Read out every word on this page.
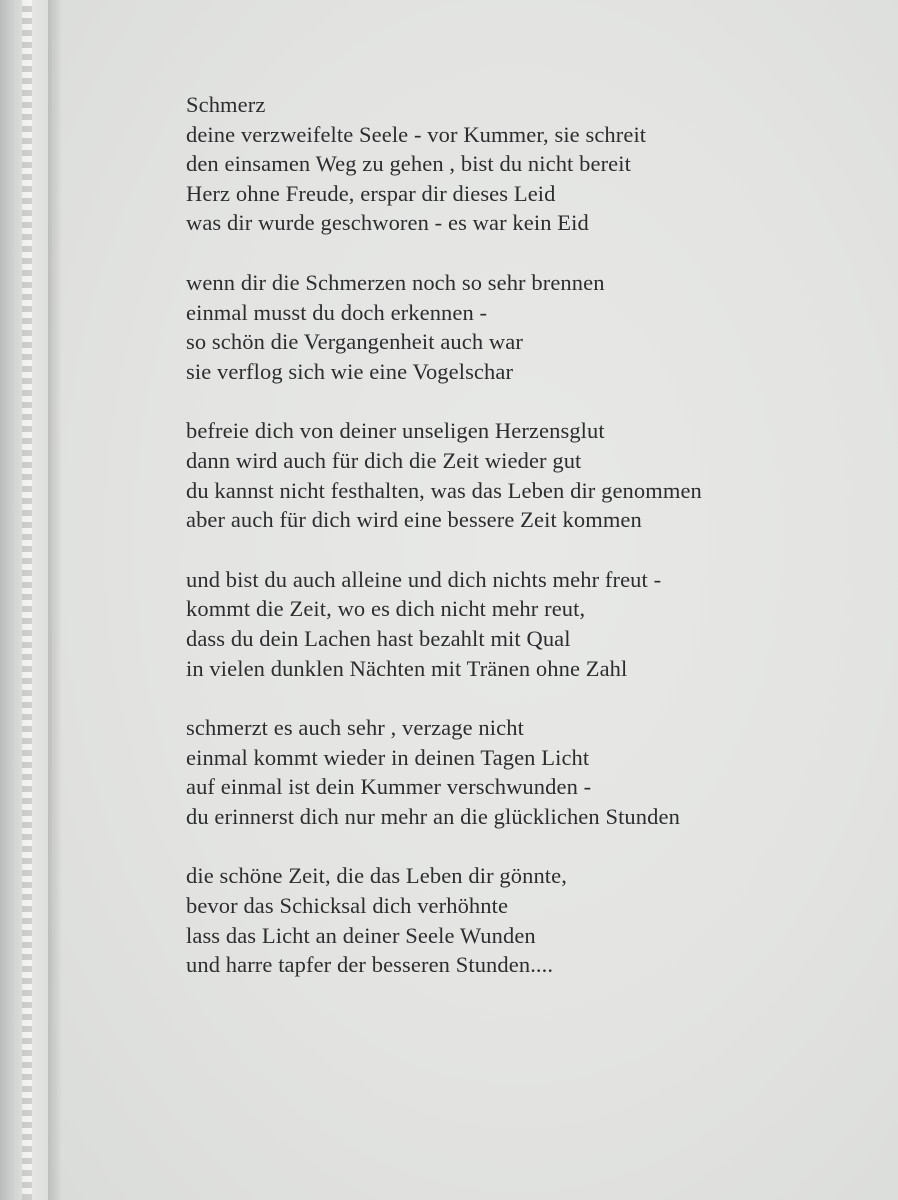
Schmerz
deine verzweifelte Seele - vor Kummer, sie schreit
den einsamen Weg zu gehen , bist du nicht bereit
Herz ohne Freude, erspar dir dieses Leid
was dir wurde geschworen - es war kein Eid
wenn dir die Schmerzen noch so sehr brennen
einmal musst du doch erkennen -
so schön die Vergangenheit auch war
sie verflog sich wie eine Vogelschar
befreie dich von deiner unseligen Herzensglut
dann wird auch für dich die Zeit wieder gut
du kannst nicht festhalten, was das Leben dir genommen
aber auch für dich wird eine bessere Zeit kommen
und bist du auch alleine und dich nichts mehr freut -
kommt die Zeit, wo es dich nicht mehr reut,
dass du dein Lachen hast bezahlt mit Qual
in vielen dunklen Nächten mit Tränen ohne Zahl
schmerzt es auch sehr , verzage nicht
einmal kommt wieder in deinen Tagen Licht
auf einmal ist dein Kummer verschwunden -
du erinnerst dich nur mehr an die glücklichen Stunden
die schöne Zeit, die das Leben dir gönnte,
bevor das Schicksal dich verhöhnte
lass das Licht an deiner Seele Wunden
und harre tapfer der besseren Stunden....
